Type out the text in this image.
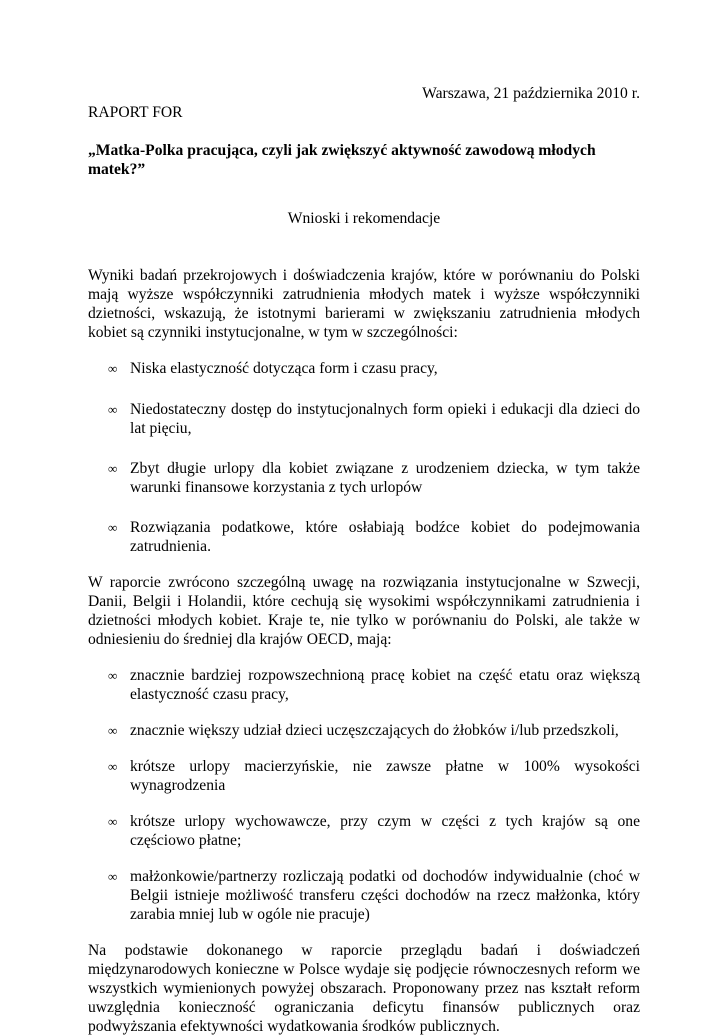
Warszawa, 21 października 2010 r.

RAPORT FOR

„Matka-Polka pracująca, czyli jak zwiększyć aktywność zawodową młodych matek?”

Wnioski i rekomendacje

Wyniki badań przekrojowych i doświadczenia krajów, które w porównaniu do Polski mają wyższe współczynniki zatrudnienia młodych matek i wyższe współczynniki dzietności, wskazują, że istotnymi barierami w zwiększaniu zatrudnienia młodych kobiet są czynniki instytucjonalne, w tym w szczególności:

∞ Niska elastyczność dotycząca form i czasu pracy,
∞ Niedostateczny dostęp do instytucjonalnych form opieki i edukacji dla dzieci do lat pięciu,
∞ Zbyt długie urlopy dla kobiet związane z urodzeniem dziecka, w tym także warunki finansowe korzystania z tych urlopów
∞ Rozwiązania podatkowe, które osłabiają bodźce kobiet do podejmowania zatrudnienia.

W raporcie zwrócono szczególną uwagę na rozwiązania instytucjonalne w Szwecji, Danii, Belgii i Holandii, które cechują się wysokimi współczynnikami zatrudnienia i dzietności młodych kobiet. Kraje te, nie tylko w porównaniu do Polski, ale także w odniesieniu do średniej dla krajów OECD, mają:

∞ znacznie bardziej rozpowszechnioną pracę kobiet na część etatu oraz większą elastyczność czasu pracy,
∞ znacznie większy udział dzieci uczęszczających do żłobków i/lub przedszkoli,
∞ krótsze urlopy macierzyńskie, nie zawsze płatne w 100% wysokości wynagrodzenia
∞ krótsze urlopy wychowawcze, przy czym w części z tych krajów są one częściowo płatne;
∞ małżonkowie/partnerzy rozliczają podatki od dochodów indywidualnie (choć w Belgii istnieje możliwość transferu części dochodów na rzecz małżonka, który zarabia mniej lub w ogóle nie pracuje)

Na podstawie dokonanego w raporcie przeglądu badań i doświadczeń międzynarodowych konieczne w Polsce wydaje się podjęcie równoczesnych reform we wszystkich wymienionych powyżej obszarach. Proponowany przez nas kształt reform uwzględnia konieczność ograniczania deficytu finansów publicznych oraz podwyższania efektywności wydatkowania środków publicznych.
